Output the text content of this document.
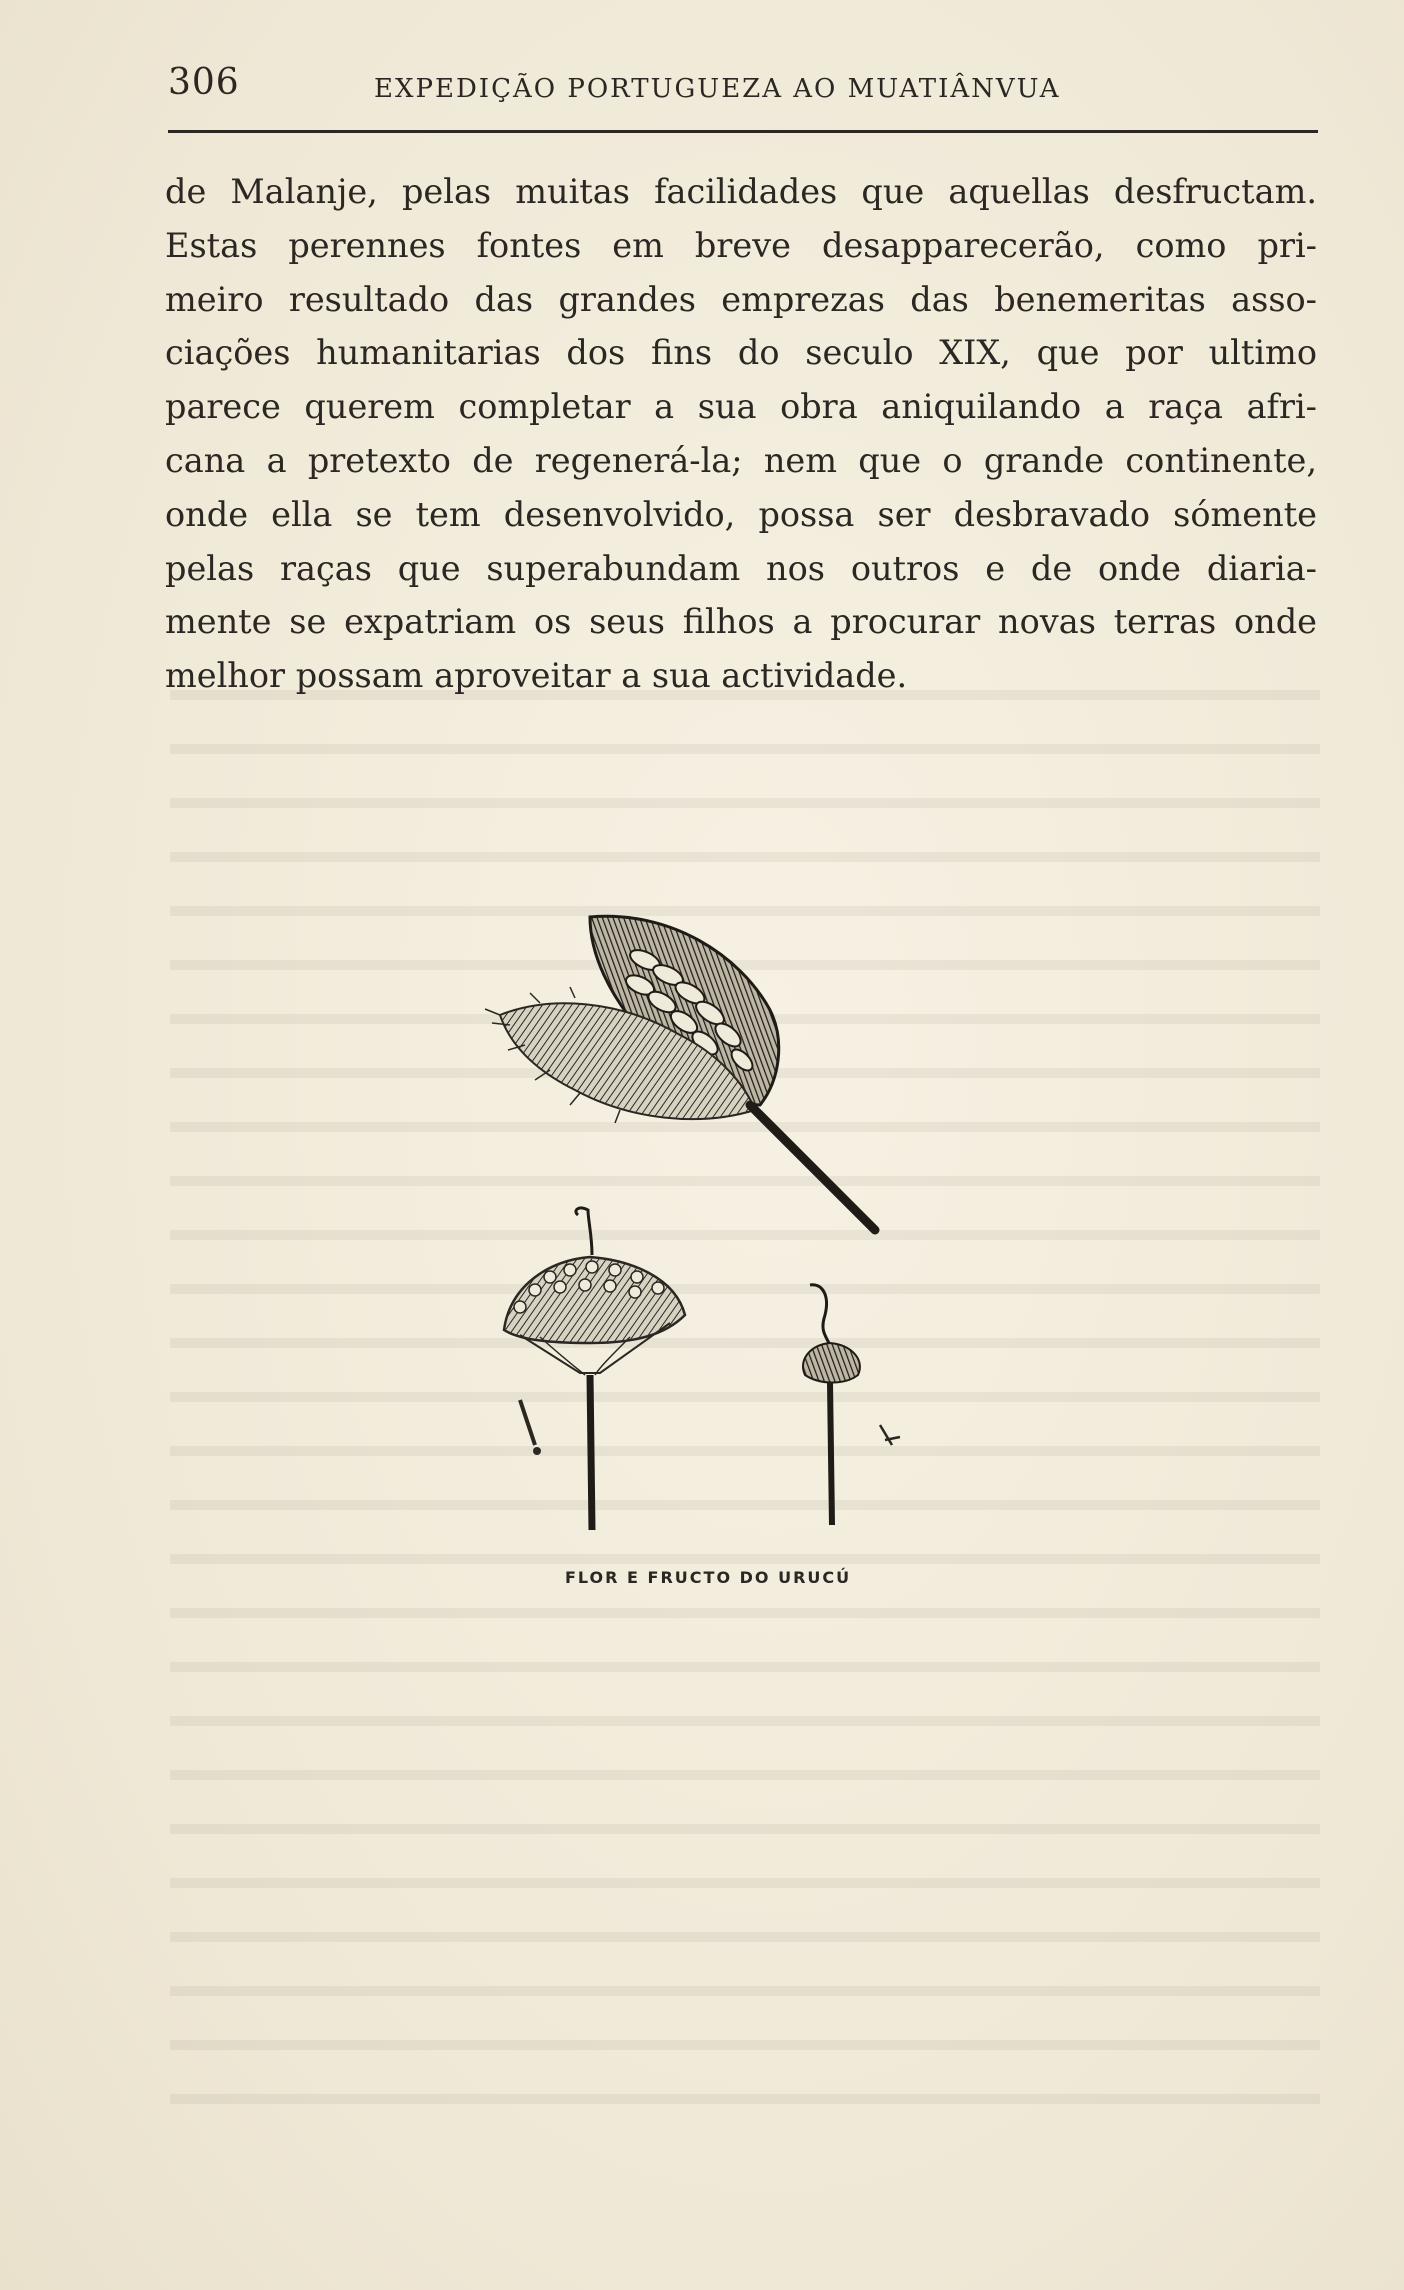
306	EXPEDIÇÃO PORTUGUEZA AO MUATIÂNVUA
de Malanje, pelas muitas facilidades que aquellas desfructam.
Estas perennes fontes em breve desapparecerão, como pri-
meiro resultado das grandes emprezas das benemeritas asso-
ciações humanitarias dos fins do seculo XIX, que por ultimo
parece querem completar a sua obra aniquilando a raça afri-
cana a pretexto de regenerá-la; nem que o grande continente,
onde ella se tem desenvolvido, possa ser desbravado sómente
pelas raças que superabundam nos outros e de onde diaria-
mente se expatriam os seus filhos a procurar novas terras onde
melhor possam aproveitar a sua actividade.
FLOR E FRUCTO DO URUCÚ
